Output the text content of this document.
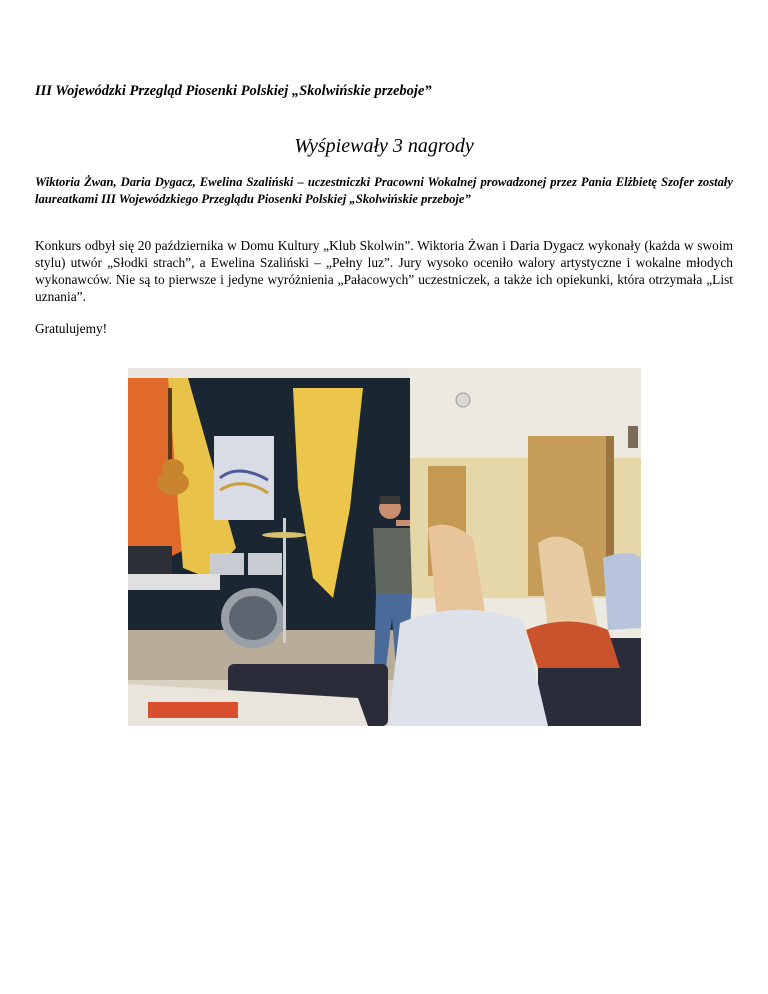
III Wojewódzki Przegląd Piosenki Polskiej „Skolwińskie przeboje”

Wyśpiewały 3 nagrody

Wiktoria Żwan, Daria Dygacz, Ewelina Szaliński – uczestniczki Pracowni Wokalnej prowadzonej przez Pania Elżbietę Szofer zostały laureatkami III Wojewódzkiego Przeglądu Piosenki Polskiej „Skolwińskie przeboje”

Konkurs odbył się 20 października w Domu Kultury „Klub Skolwin”. Wiktoria Żwan i Daria Dygacz wykonały (każda w swoim stylu) utwór „Słodki strach”, a Ewelina Szaliński – „Pełny luz”. Jury wysoko oceniło walory artystyczne i wokalne młodych wykonawców. Nie są to pierwsze i jedyne wyróżnienia „Pałacowych” uczestniczek, a także ich opiekunki, która otrzymała „List uznania”.

Gratulujemy!
